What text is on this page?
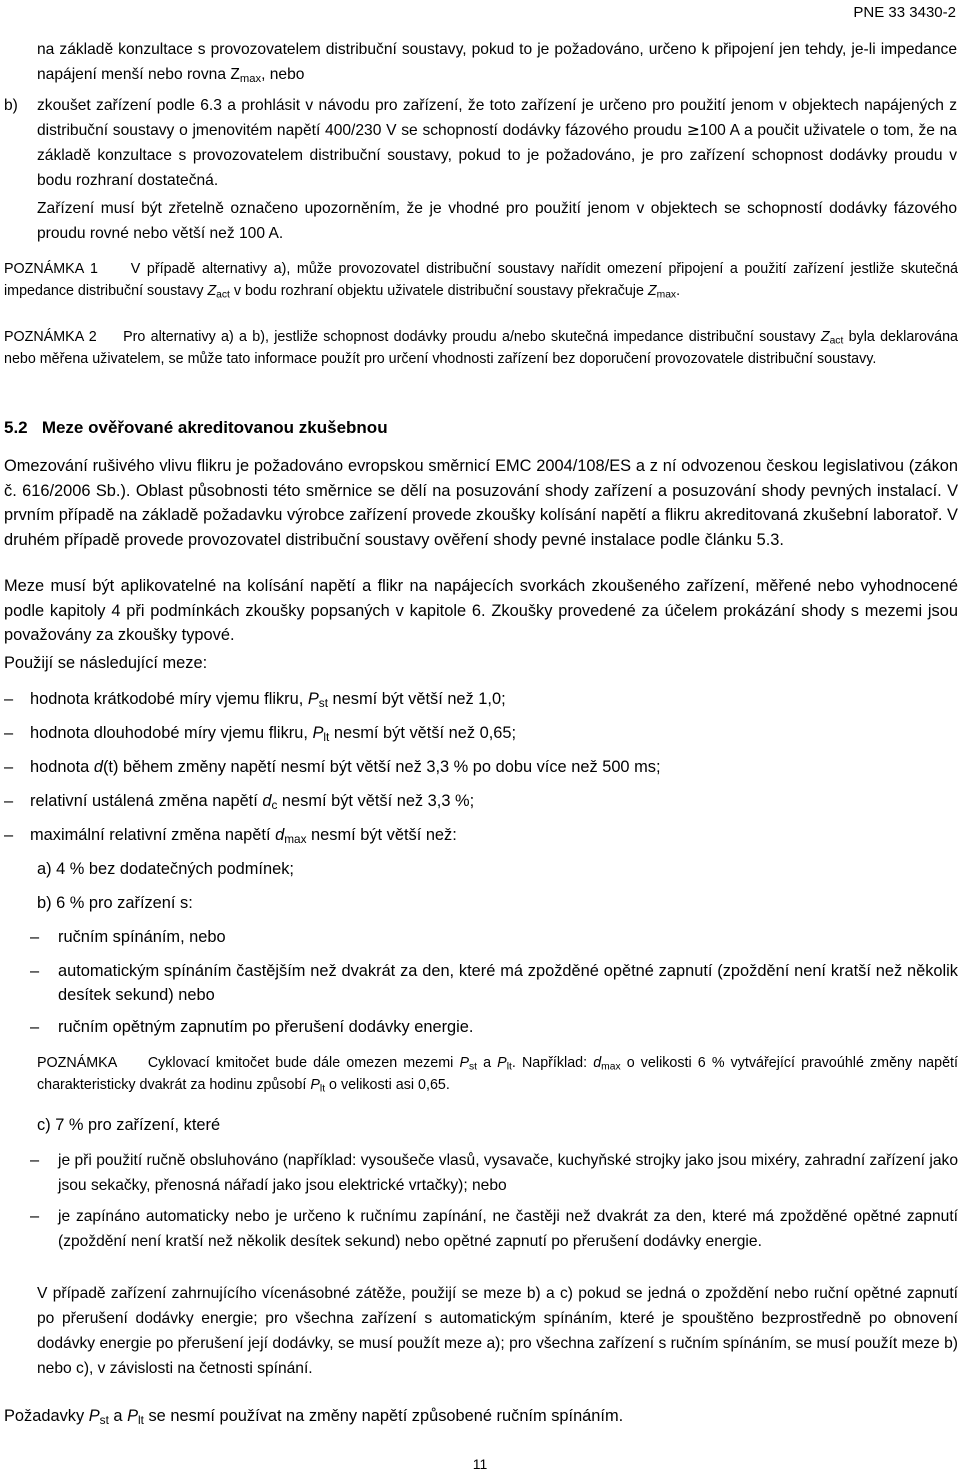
PNE 33 3430-2

na základě konzultace s provozovatelem distribuční soustavy, pokud to je požadováno, určeno k připojení jen tehdy, je-li impedance napájení menší nebo rovna $Z_{max}$, nebo

b) zkoušet zařízení podle 6.3 a prohlásit v návodu pro zařízení, že toto zařízení je určeno pro použití jenom v objektech napájených z distribuční soustavy o jmenovitém napětí 400/230 V se schopností dodávky fázového proudu ≥100 A a poučit uživatele o tom, že na základě konzultace s provozovatelem distribuční soustavy, pokud to je požadováno, je pro zařízení schopnost dodávky proudu v bodu rozhraní dostatečná.

Zařízení musí být zřetelně označeno upozorněním, že je vhodné pro použití jenom v objektech se schopností dodávky fázového proudu rovné nebo větší než 100 A.

POZNÁMKA 1 V případě alternativy a), může provozovatel distribuční soustavy nařídit omezení připojení a použití zařízení jestliže skutečná impedance distribuční soustavy $Z_{act}$ v bodu rozhraní objektu uživatele distribuční soustavy překračuje $Z_{max}$.

POZNÁMKA 2 Pro alternativy a) a b), jestliže schopnost dodávky proudu a/nebo skutečná impedance distribuční soustavy $Z_{act}$ byla deklarována nebo měřena uživatelem, se může tato informace použít pro určení vhodnosti zařízení bez doporučení provozovatele distribuční soustavy.

5.2 Meze ověřované akreditovanou zkušebnou

Omezování rušivého vlivu flikru je požadováno evropskou směrnicí EMC 2004/108/ES a z ní odvozenou českou legislativou (zákon č. 616/2006 Sb.). Oblast působnosti této směrnice se dělí na posuzování shody zařízení a posuzování shody pevných instalací. V prvním případě na základě požadavku výrobce zařízení provede zkoušky kolísání napětí a flikru akreditovaná zkušební laboratoř. V druhém případě provede provozovatel distribuční soustavy ověření shody pevné instalace podle článku 5.3.

Meze musí být aplikovatelné na kolísání napětí a flikr na napájecích svorkách zkoušeného zařízení, měřené nebo vyhodnocené podle kapitoly 4 při podmínkách zkoušky popsaných v kapitole 6. Zkoušky provedené za účelem prokázání shody s mezemi jsou považovány za zkoušky typové.

Použijí se následující meze:

– hodnota krátkodobé míry vjemu flikru, $P_{st}$ nesmí být větší než 1,0;
– hodnota dlouhodobé míry vjemu flikru, $P_{lt}$ nesmí být větší než 0,65;
– hodnota d(t) během změny napětí nesmí být větší než 3,3 % po dobu více než 500 ms;
– relativní ustálená změna napětí $d_c$ nesmí být větší než 3,3 %;
– maximální relativní změna napětí $d_{max}$ nesmí být větší než:
a) 4 % bez dodatečných podmínek;
b) 6 % pro zařízení s:
– ručním spínáním, nebo
– automatickým spínáním častějším než dvakrát za den, které má zpožděné opětné zapnutí (zpoždění není kratší než několik desítek sekund) nebo
– ručním opětným zapnutím po přerušení dodávky energie.

POZNÁMKA Cyklovací kmitočet bude dále omezen mezemi $P_{st}$ a $P_{lt}$. Například: $d_{max}$ o velikosti 6 % vytvářející pravoúhlé změny napětí charakteristicky dvakrát za hodinu způsobí $P_{lt}$ o velikosti asi 0,65.

c) 7 % pro zařízení, které
– je při použití ručně obsluhováno (například: vysoušeče vlasů, vysavače, kuchyňské strojky jako jsou mixéry, zahradní zařízení jako jsou sekačky, přenosná nářadí jako jsou elektrické vrtačky); nebo
– je zapínáno automaticky nebo je určeno k ručnímu zapínání, ne častěji než dvakrát za den, které má zpožděné opětné zapnutí (zpoždění není kratší než několik desítek sekund) nebo opětné zapnutí po přerušení dodávky energie.

V případě zařízení zahrnujícího vícenásobné zátěže, použijí se meze b) a c) pokud se jedná o zpoždění nebo ruční opětné zapnutí po přerušení dodávky energie; pro všechna zařízení s automatickým spínáním, které je spouštěno bezprostředně po obnovení dodávky energie po přerušení její dodávky, se musí použít meze a); pro všechna zařízení s ručním spínáním, se musí použít meze b) nebo c), v závislosti na četnosti spínání.

Požadavky $P_{st}$ a $P_{lt}$ se nesmí používat na změny napětí způsobené ručním spínáním.

11
